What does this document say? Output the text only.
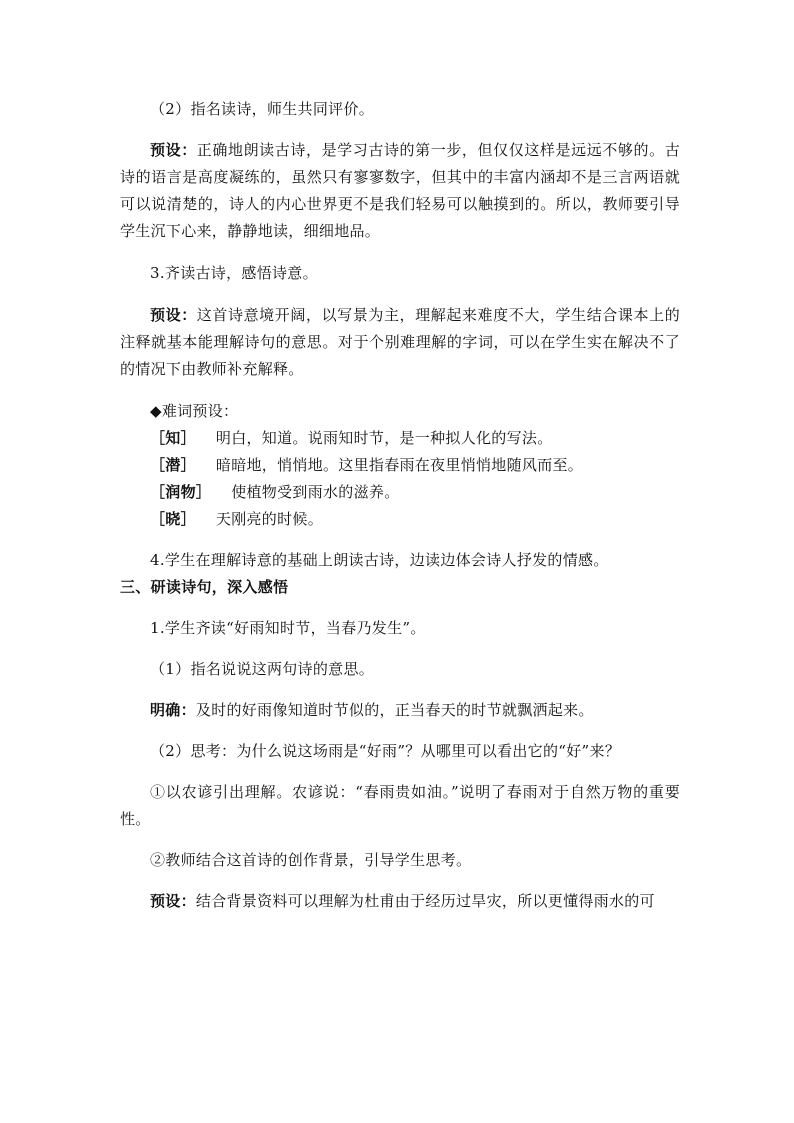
（2）指名读诗，师生共同评价。

预设：正确地朗读古诗，是学习古诗的第一步，但仅仅这样是远远不够的。古诗的语言是高度凝练的，虽然只有寥寥数字，但其中的丰富内涵却不是三言两语就可以说清楚的，诗人的内心世界更不是我们轻易可以触摸到的。所以，教师要引导学生沉下心来，静静地读，细细地品。

3.齐读古诗，感悟诗意。

预设：这首诗意境开阔，以写景为主，理解起来难度不大，学生结合课本上的注释就基本能理解诗句的意思。对于个别难理解的字词，可以在学生实在解决不了的情况下由教师补充解释。

◆难词预设：

［知］ 明白，知道。说雨知时节，是一种拟人化的写法。

［潜］ 暗暗地，悄悄地。这里指春雨在夜里悄悄地随风而至。

［润物］ 使植物受到雨水的滋养。

［晓］ 天刚亮的时候。

4.学生在理解诗意的基础上朗读古诗，边读边体会诗人抒发的情感。

三、研读诗句，深入感悟

1.学生齐读“好雨知时节，当春乃发生”。

（1）指名说说这两句诗的意思。

明确：及时的好雨像知道时节似的，正当春天的时节就飘洒起来。

（2）思考：为什么说这场雨是“好雨”？从哪里可以看出它的“好”来？

①以农谚引出理解。农谚说：“春雨贵如油。”说明了春雨对于自然万物的重要性。

②教师结合这首诗的创作背景，引导学生思考。

预设：结合背景资料可以理解为杜甫由于经历过旱灾，所以更懂得雨水的可
